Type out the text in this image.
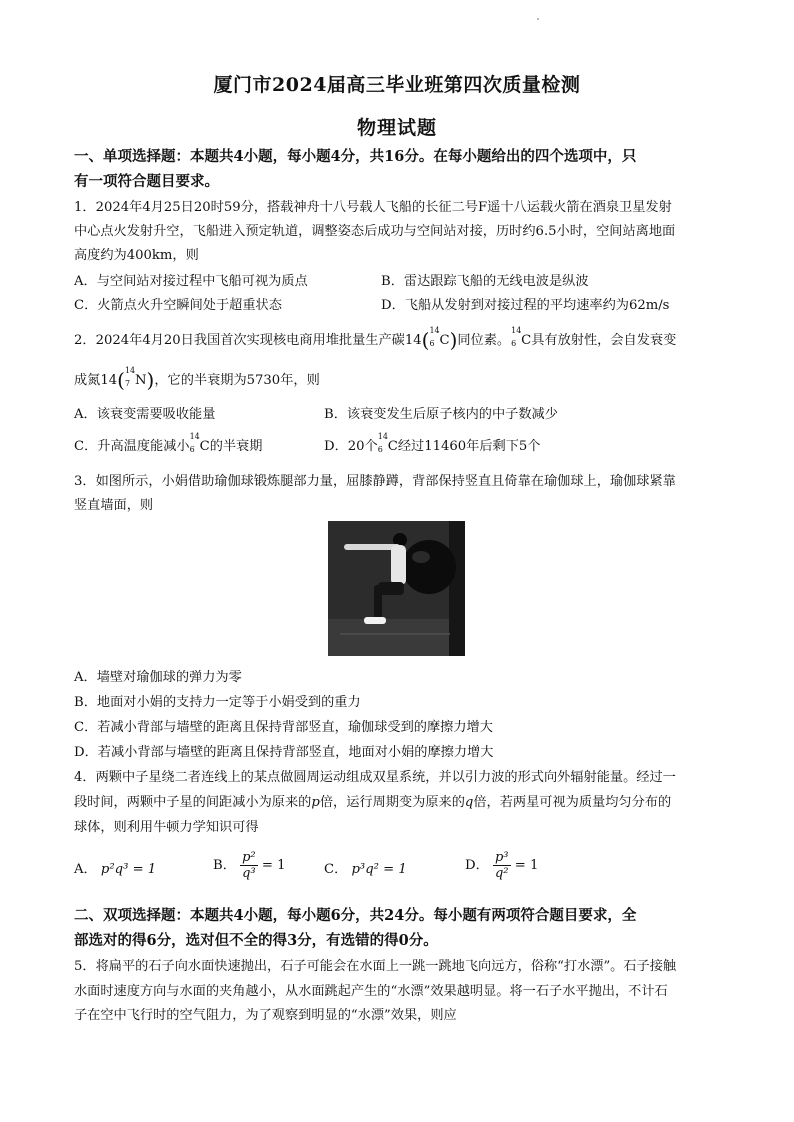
厦门市2024届高三毕业班第四次质量检测
物理试题
一、单项选择题：本题共4小题，每小题4分，共16分。在每小题给出的四个选项中，只
有一项符合题目要求。
1．2024年4月25日20时59分，搭载神舟十八号载人飞船的长征二号F遥十八运载火箭在酒泉卫星发射
中心点火发射升空，飞船进入预定轨道，调整姿态后成功与空间站对接，历时约6.5小时，空间站离地面
高度约为400km，则
A．与空间站对接过程中飞船可视为质点	B．雷达跟踪飞船的无线电波是纵波
C．火箭点火升空瞬间处于超重状态	D．飞船从发射到对接过程的平均速率约为62m/s
2．2024年4月20日我国首次实现核电商用堆批量生产碳14( 14
6 C)同位素。
14
6 C具有放射性，会自发衰变
成氮14( 14
7 N)，它的半衰期为5730年，则
A．该衰变需要吸收能量	B．该衰变发生后原子核内的中子数减少
C．升高温度能减小
14
6 C的半衰期	D．20个
14
6 C经过11460年后剩下5个
3．如图所示，小娟借助瑜伽球锻炼腿部力量，屈膝静蹲，背部保持竖直且倚靠在瑜伽球上，瑜伽球紧靠
竖直墙面，则
A．墙壁对瑜伽球的弹力为零
B．地面对小娟的支持力一定等于小娟受到的重力
C．若减小背部与墙壁的距离且保持背部竖直，瑜伽球受到的摩擦力增大
D．若减小背部与墙壁的距离且保持背部竖直，地面对小娟的摩擦力增大
4．两颗中子星绕二者连线上的某点做圆周运动组成双星系统，并以引力波的形式向外辐射能量。经过一
段时间，两颗中子星的间距减小为原来的p倍，运行周期变为原来的q倍，若两星可视为质量均匀分布的
球体，则利用牛顿力学知识可得
A． p²q³ = 1	B． $\frac{\text{p²}}{\text{q³}} = 1$	C． p³q² = 1	D． $\frac{\text{p³}}{\text{q²}} = 1$
二、双项选择题：本题共4小题，每小题6分，共24分。每小题有两项符合题目要求，全
部选对的得6分，选对但不全的得3分，有选错的得0分。
5．将扁平的石子向水面快速抛出，石子可能会在水面上一跳一跳地飞向远方，俗称“打水漂”。石子接触
水面时速度方向与水面的夹角越小，从水面跳起产生的“水漂”效果越明显。将一石子水平抛出，不计石
子在空中飞行时的空气阻力，为了观察到明显的“水漂”效果，则应
